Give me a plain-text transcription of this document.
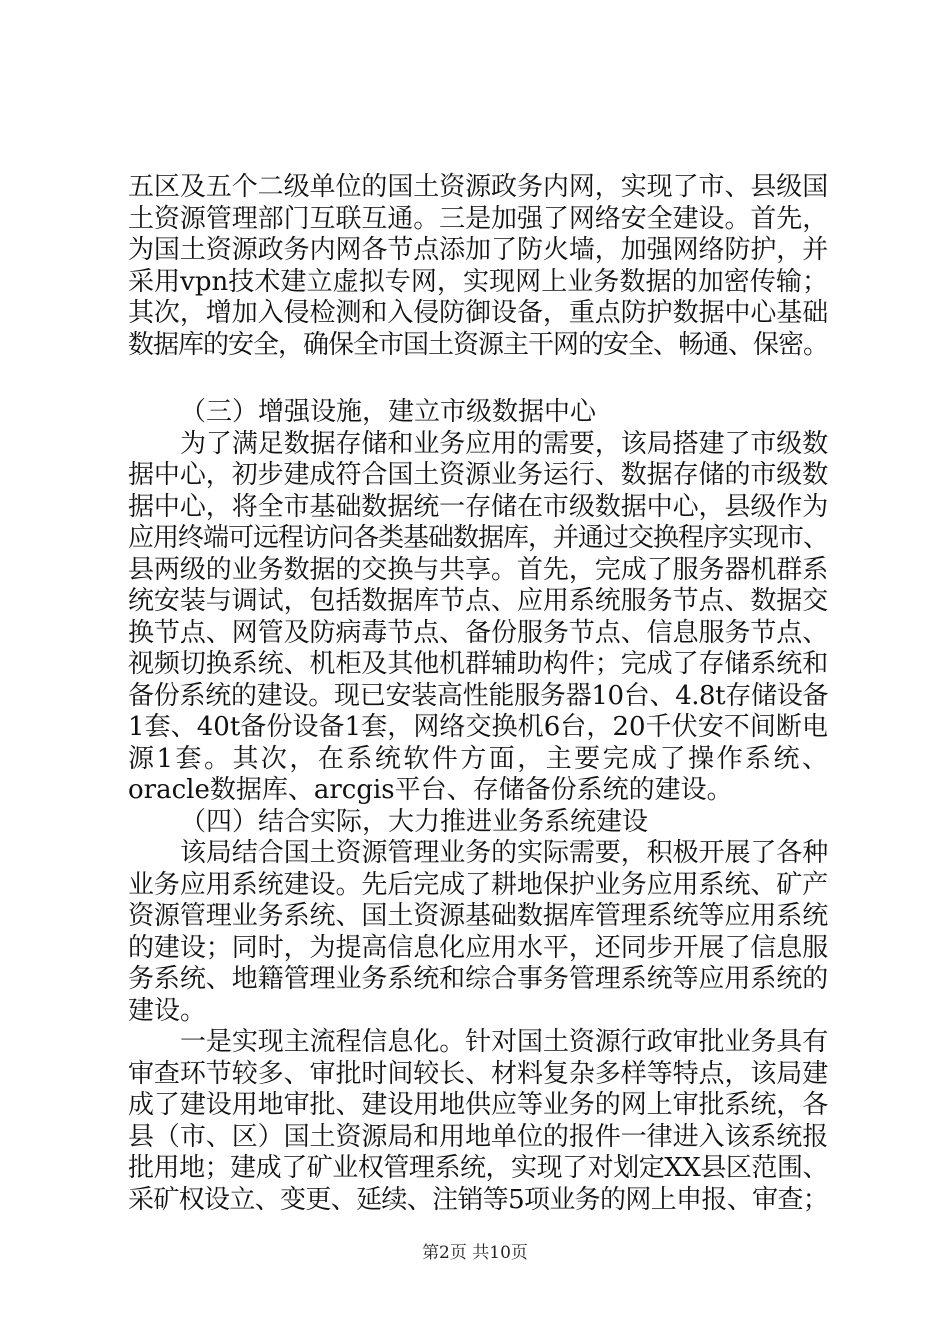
五区及五个二级单位的国土资源政务内网，实现了市、县级国
土资源管理部门互联互通。三是加强了网络安全建设。首先，
为国土资源政务内网各节点添加了防火墙，加强网络防护，并
采用vpn技术建立虚拟专网，实现网上业务数据的加密传输；
其次，增加入侵检测和入侵防御设备，重点防护数据中心基础
数据库的安全，确保全市国土资源主干网的安全、畅通、保密。
（三）增强设施，建立市级数据中心
为了满足数据存储和业务应用的需要，该局搭建了市级数
据中心，初步建成符合国土资源业务运行、数据存储的市级数
据中心，将全市基础数据统一存储在市级数据中心，县级作为
应用终端可远程访问各类基础数据库，并通过交换程序实现市、
县两级的业务数据的交换与共享。首先，完成了服务器机群系
统安装与调试，包括数据库节点、应用系统服务节点、数据交
换节点、网管及防病毒节点、备份服务节点、信息服务节点、
视频切换系统、机柜及其他机群辅助构件；完成了存储系统和
备份系统的建设。现已安装高性能服务器10台、4.8t存储设备
1套、40t备份设备1套，网络交换机6台，20千伏安不间断电
源1套。其次，在系统软件方面，主要完成了操作系统、
oracle数据库、arcgis平台、存储备份系统的建设。
（四）结合实际，大力推进业务系统建设
该局结合国土资源管理业务的实际需要，积极开展了各种
业务应用系统建设。先后完成了耕地保护业务应用系统、矿产
资源管理业务系统、国土资源基础数据库管理系统等应用系统
的建设；同时，为提高信息化应用水平，还同步开展了信息服
务系统、地籍管理业务系统和综合事务管理系统等应用系统的
建设。
一是实现主流程信息化。针对国土资源行政审批业务具有
审查环节较多、审批时间较长、材料复杂多样等特点，该局建
成了建设用地审批、建设用地供应等业务的网上审批系统，各
县（市、区）国土资源局和用地单位的报件一律进入该系统报
批用地；建成了矿业权管理系统，实现了对划定XX县区范围、
采矿权设立、变更、延续、注销等5项业务的网上申报、审查；
第2页 共10页
